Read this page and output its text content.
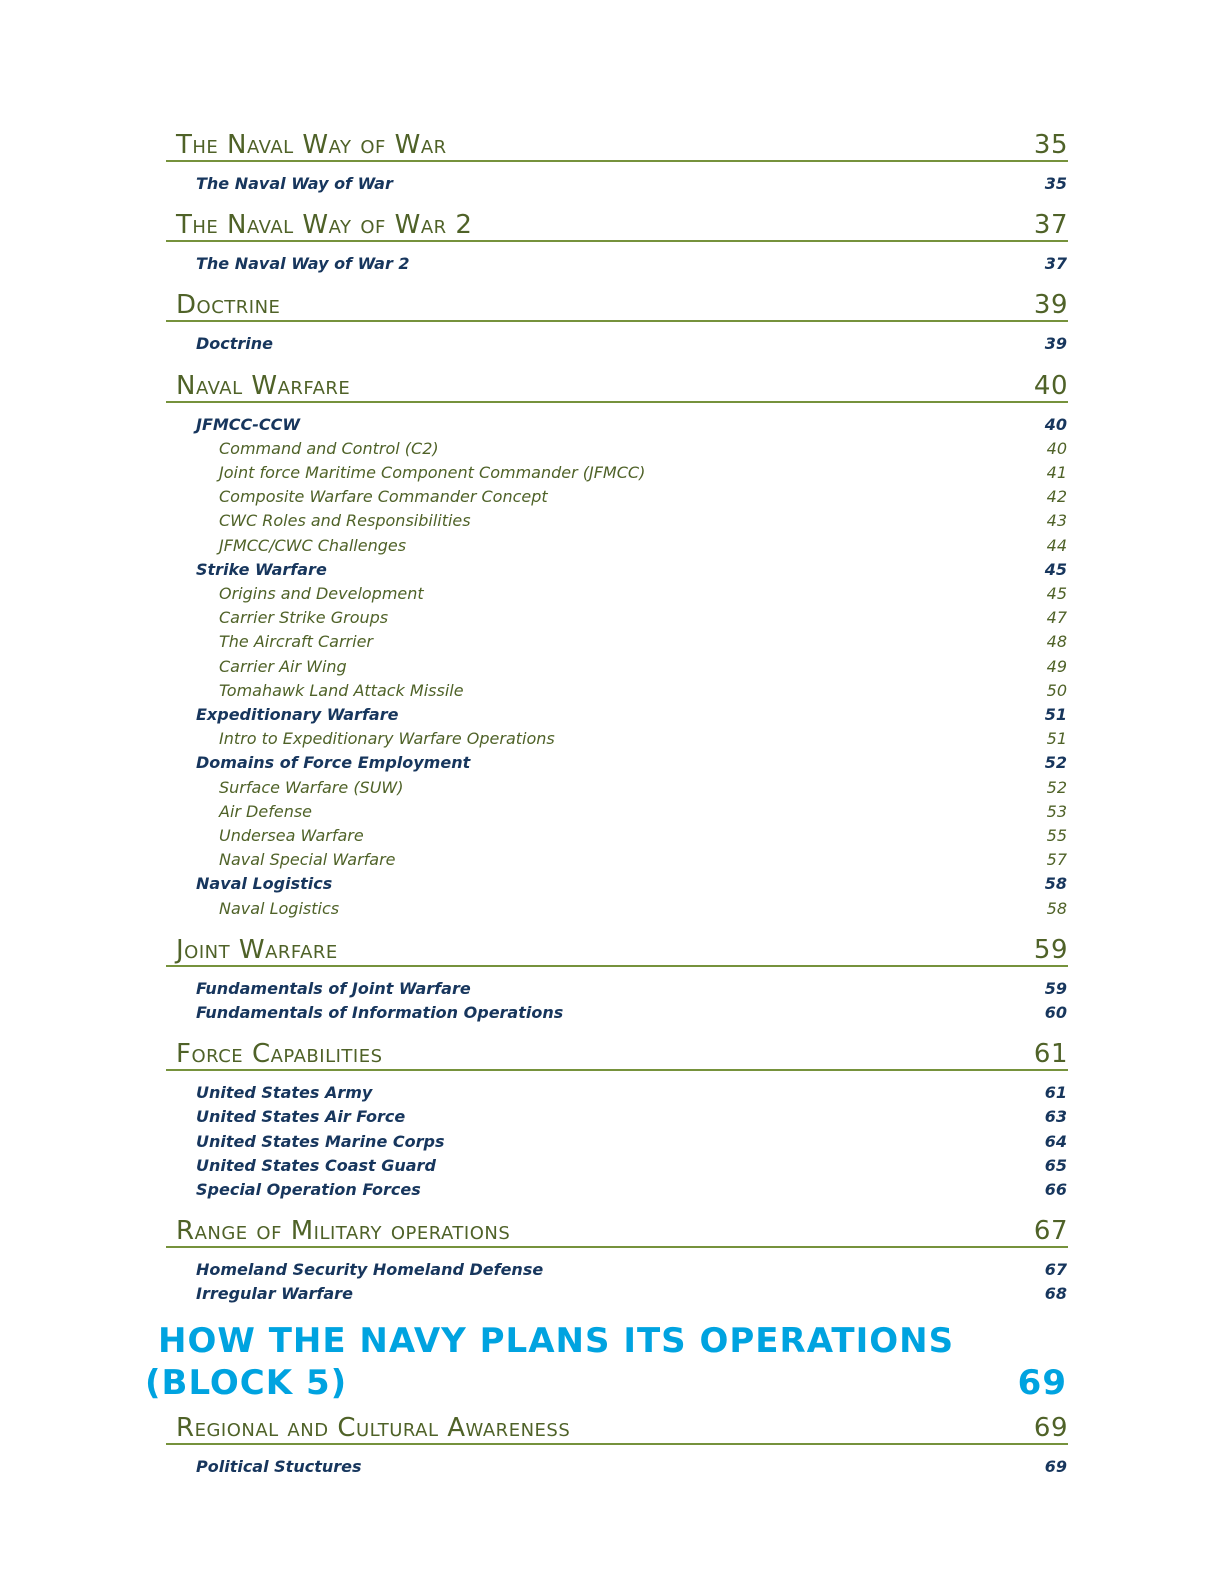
The Naval Way of War	35
The Naval Way of War	35
The Naval Way of War 2	37
The Naval Way of War 2	37
Doctrine	39
Doctrine	39
Naval Warfare	40
JFMCC-CCW	40
Command and Control (C2)	40
Joint force Maritime Component Commander (JFMCC)	41
Composite Warfare Commander Concept	42
CWC Roles and Responsibilities	43
JFMCC/CWC Challenges	44
Strike Warfare	45
Origins and Development	45
Carrier Strike Groups	47
The Aircraft Carrier	48
Carrier Air Wing	49
Tomahawk Land Attack Missile	50
Expeditionary Warfare	51
Intro to Expeditionary Warfare Operations	51
Domains of Force Employment	52
Surface Warfare (SUW)	52
Air Defense	53
Undersea Warfare	55
Naval Special Warfare	57
Naval Logistics	58
Naval Logistics	58
Joint Warfare	59
Fundamentals of Joint Warfare	59
Fundamentals of Information Operations	60
Force Capabilities	61
United States Army	61
United States Air Force	63
United States Marine Corps	64
United States Coast Guard	65
Special Operation Forces	66
Range of Military operations	67
Homeland Security Homeland Defense	67
Irregular Warfare	68
HOW THE NAVY PLANS ITS OPERATIONS
(BLOCK 5)	69
Regional and Cultural Awareness	69
Political Stuctures	69
